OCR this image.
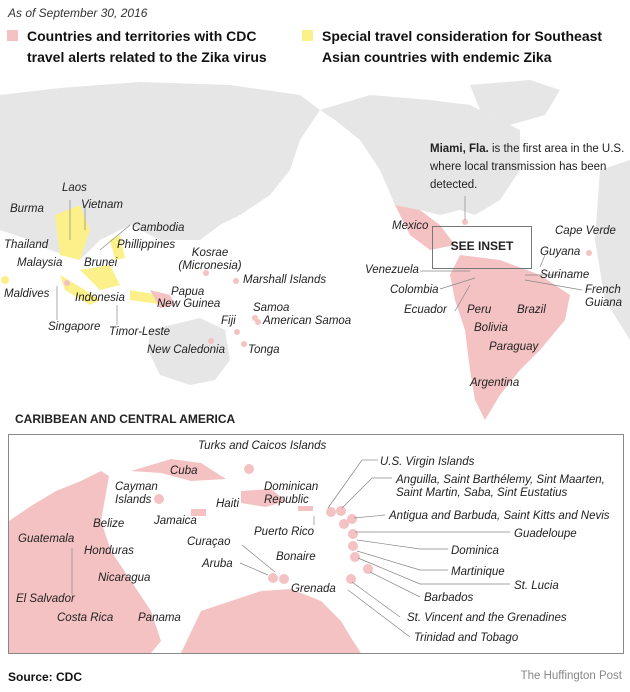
As of September 30, 2016
Countries and territories with CDC
travel alerts related to the Zika virus
Special travel consideration for Southeast
Asian countries with endemic Zika
Laos
Burma	Vietnam
Cambodia
Thailand	Phillippines
Malaysia Brunei
Maldives Indonesia
Singapore Timor-Leste
Kosrae (Micronesia)
Marshall Islands
Papua
New Guinea	Samoa
American Samoa
Fiji
New Caledonia Tonga
Mexico	Cape Verde
Guyana
Venezuela	Suriname
Colombia	French
Guiana
Ecuador Peru Brazil
Bolivia
Paraguay
Argentina
Miami, Fla. is the first area in the U.S. where local transmission has been detected.
SEE INSET
CARIBBEAN AND CENTRAL AMERICA
Turks and Caicos Islands
Cuba
Cayman
Islands
Dominican
Republic
Haiti
Jamaica
Belize
Puerto Rico
Guatemala	Curaçao
Honduras	Bonaire
Aruba
Nicaragua
Grenada
El Salvador
Costa Rica Panama
U.S. Virgin Islands
Anguilla, Saint Barthélemy, Sint Maarten,
Saint Martin, Saba, Sint Eustatius
Antigua and Barbuda, Saint Kitts and Nevis
Guadeloupe
Dominica
Martinique
St. Lucia
Barbados
St. Vincent and the Grenadines
Trinidad and Tobago
Source: CDC	The Huffington Post
